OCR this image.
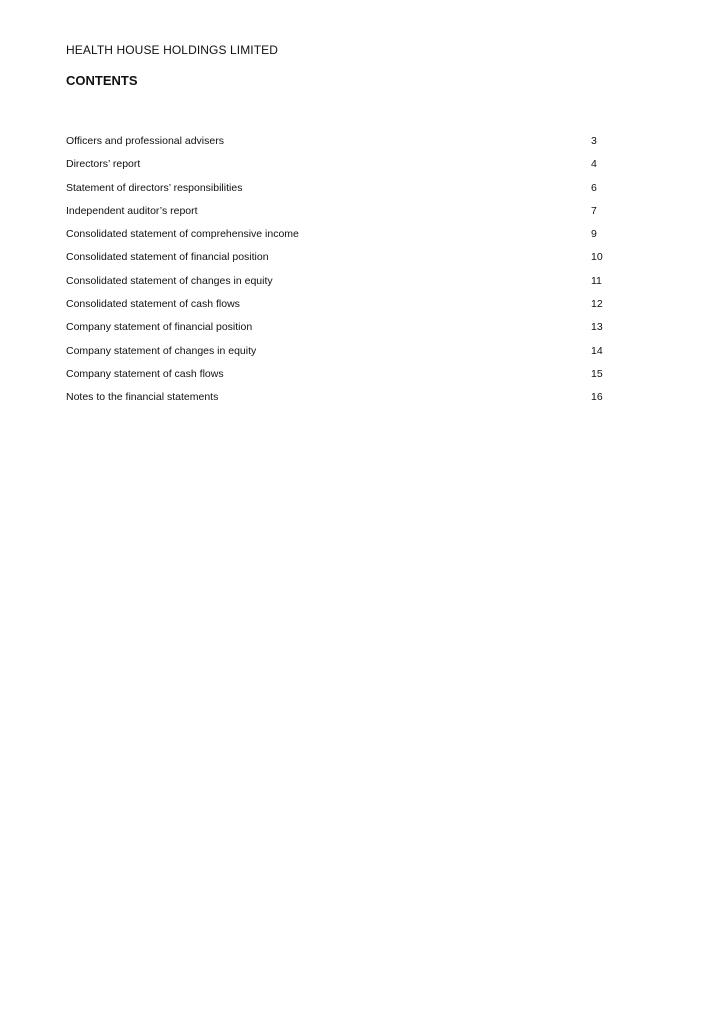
HEALTH HOUSE HOLDINGS LIMITED
CONTENTS
Officers and professional advisers	3
Directors’ report	4
Statement of directors’ responsibilities	6
Independent auditor’s report	7
Consolidated statement of comprehensive income	9
Consolidated statement of financial position	10
Consolidated statement of changes in equity	11
Consolidated statement of cash flows	12
Company statement of financial position	13
Company statement of changes in equity	14
Company statement of cash flows	15
Notes to the financial statements	16
